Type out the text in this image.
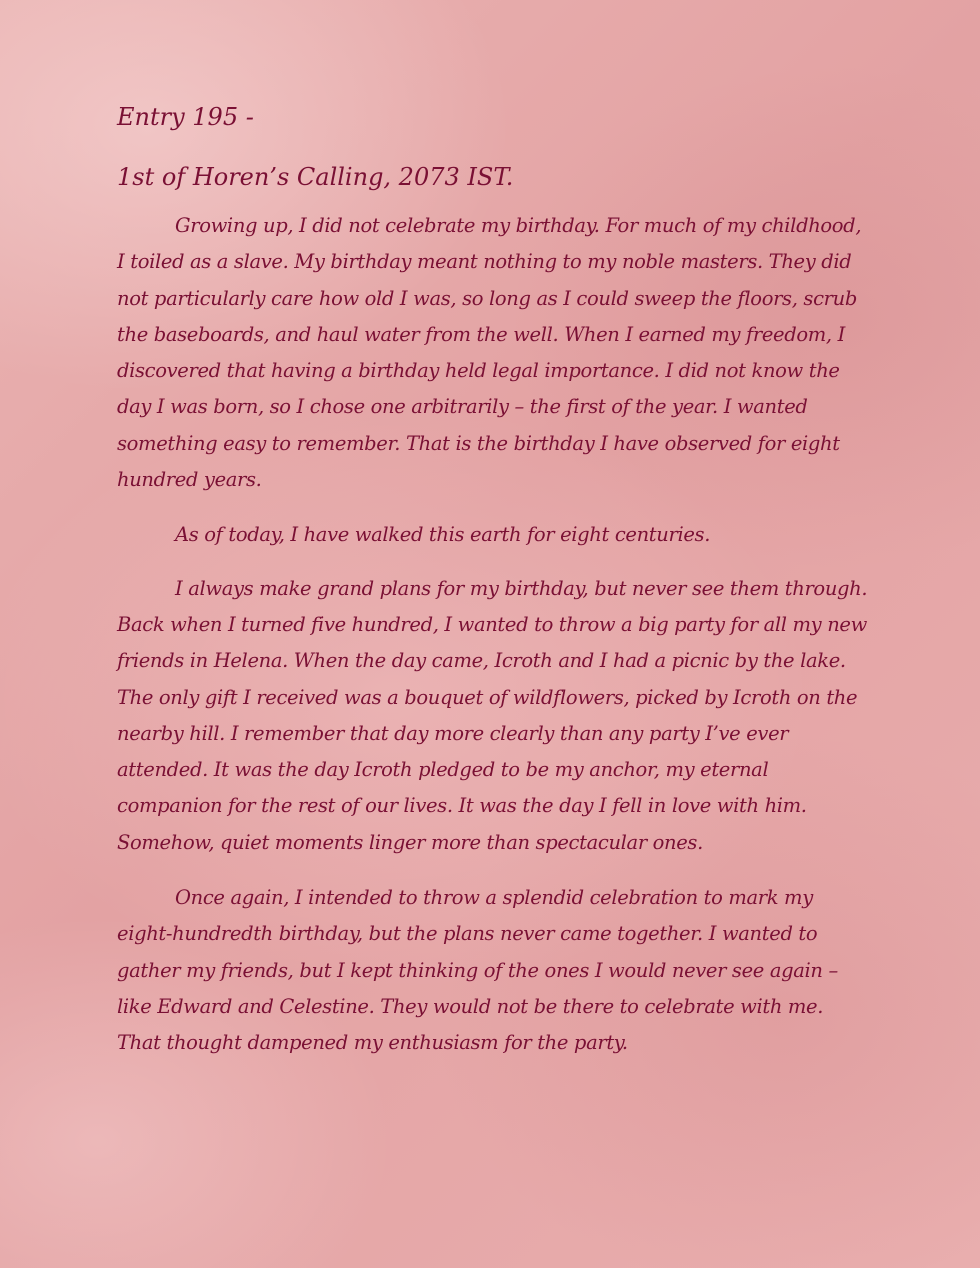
Entry 195 -
1st of Horen’s Calling, 2073 IST.

Growing up, I did not celebrate my birthday. For much of my childhood, I toiled as a slave. My birthday meant nothing to my noble masters. They did not particularly care how old I was, so long as I could sweep the floors, scrub the baseboards, and haul water from the well. When I earned my freedom, I discovered that having a birthday held legal importance. I did not know the day I was born, so I chose one arbitrarily – the first of the year. I wanted something easy to remember. That is the birthday I have observed for eight hundred years.

As of today, I have walked this earth for eight centuries.

I always make grand plans for my birthday, but never see them through. Back when I turned five hundred, I wanted to throw a big party for all my new friends in Helena. When the day came, Icroth and I had a picnic by the lake. The only gift I received was a bouquet of wildflowers, picked by Icroth on the nearby hill. I remember that day more clearly than any party I’ve ever attended. It was the day Icroth pledged to be my anchor, my eternal companion for the rest of our lives. It was the day I fell in love with him. Somehow, quiet moments linger more than spectacular ones.

Once again, I intended to throw a splendid celebration to mark my eight-hundredth birthday, but the plans never came together. I wanted to gather my friends, but I kept thinking of the ones I would never see again – like Edward and Celestine. They would not be there to celebrate with me. That thought dampened my enthusiasm for the party.
